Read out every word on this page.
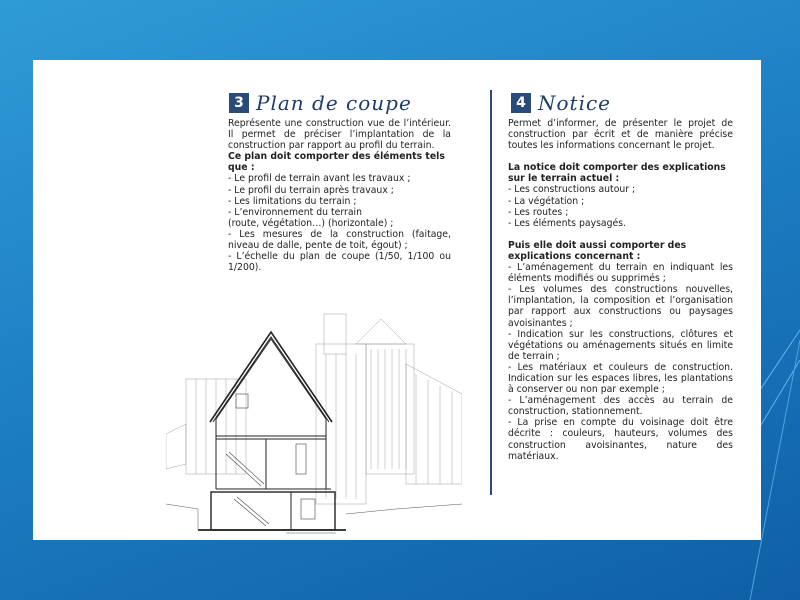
3 Plan de coupe

Représente une construction vue de l’intérieur. Il permet de préciser l’implantation de la construction par rapport au profil du terrain.

Ce plan doit comporter des éléments tels que :

- Le profil de terrain avant les travaux ;

- Le profil du terrain après travaux ;

- Les limitations du terrain ;

- L’environnement du terrain

(route, végétation…) (horizontale) ;

- Les mesures de la construction (faitage, niveau de dalle, pente de toit, égout) ;

- L’échelle du plan de coupe (1/50, 1/100 ou 1/200).

4 Notice

Permet d’informer, de présenter le projet de construction par écrit et de manière précise toutes les informations concernant le projet.

La notice doit comporter des explications sur le terrain actuel :

- Les constructions autour ;

- La végétation ;

- Les routes ;

- Les éléments paysagés.

Puis elle doit aussi comporter des explications concernant :

- L’aménagement du terrain en indiquant les éléments modifiés ou supprimés ;

- Les volumes des constructions nouvelles, l’implantation, la composition et l’organisation par rapport aux constructions ou paysages avoisinantes ;

- Indication sur les constructions, clôtures et végétations ou aménagements situés en limite de terrain ;

- Les matériaux et couleurs de construction. Indication sur les espaces libres, les plantations à conserver ou non par exemple ;

- L’aménagement des accès au terrain de construction, stationnement.

- La prise en compte du voisinage doit être décrite : couleurs, hauteurs, volumes des construction avoisinantes, nature des matériaux.
